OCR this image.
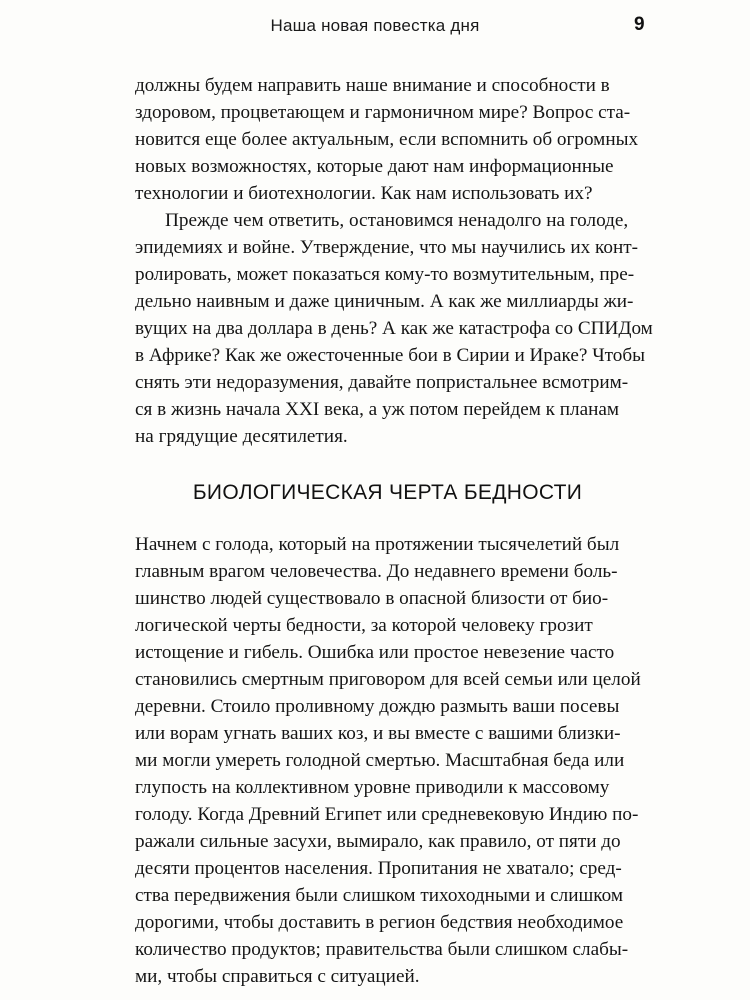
Наша новая повестка дня	9
должны будем направить наше внимание и способности в
здоровом, процветающем и гармоничном мире? Вопрос ста-
новится еще более актуальным, если вспомнить об огромных
новых возможностях, которые дают нам информационные
технологии и биотехнологии. Как нам использовать их?
Прежде чем ответить, остановимся ненадолго на голоде,
эпидемиях и войне. Утверждение, что мы научились их конт-
ролировать, может показаться кому-то возмутительным, пре-
дельно наивным и даже циничным. А как же миллиарды жи-
вущих на два доллара в день? А как же катастрофа со СПИДом
в Африке? Как же ожесточенные бои в Сирии и Ираке? Чтобы
снять эти недоразумения, давайте попристальнее всмотрим-
ся в жизнь начала XXI века, а уж потом перейдем к планам
на грядущие десятилетия.
БИОЛОГИЧЕСКАЯ ЧЕРТА БЕДНОСТИ
Начнем с голода, который на протяжении тысячелетий был
главным врагом человечества. До недавнего времени боль-
шинство людей существовало в опасной близости от био-
логической черты бедности, за которой человеку грозит
истощение и гибель. Ошибка или простое невезение часто
становились смертным приговором для всей семьи или целой
деревни. Стоило проливному дождю размыть ваши посевы
или ворам угнать ваших коз, и вы вместе с вашими близки-
ми могли умереть голодной смертью. Масштабная беда или
глупость на коллективном уровне приводили к массовому
голоду. Когда Древний Египет или средневековую Индию по-
ражали сильные засухи, вымирало, как правило, от пяти до
десяти процентов населения. Пропитания не хватало; сред-
ства передвижения были слишком тихоходными и слишком
дорогими, чтобы доставить в регион бедствия необходимое
количество продуктов; правительства были слишком слабы-
ми, чтобы справиться с ситуацией.
